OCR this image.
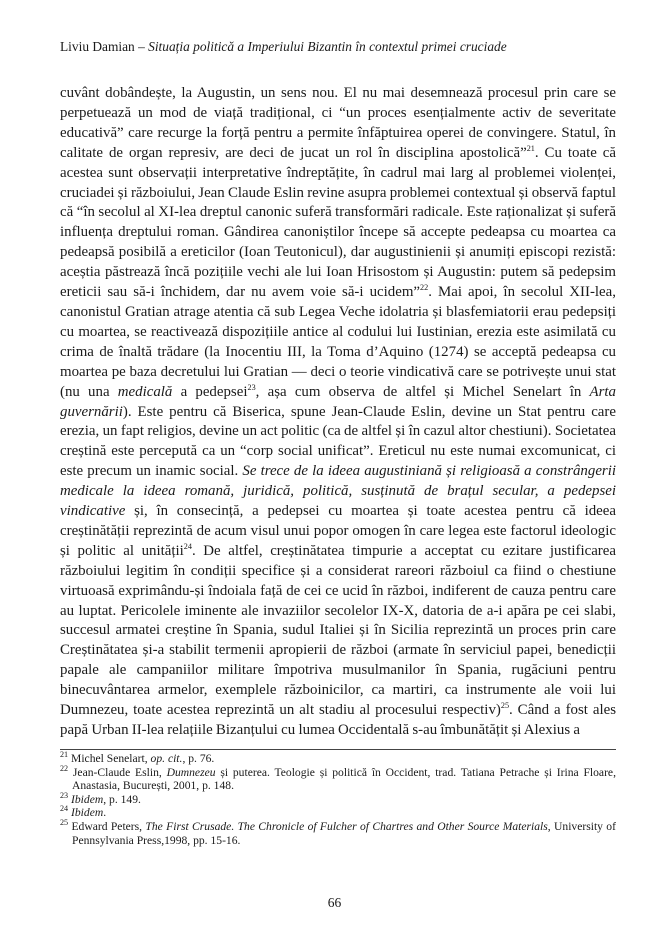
Liviu Damian – Situația politică a Imperiului Bizantin în contextul primei cruciade

cuvânt dobândește, la Augustin, un sens nou. El nu mai desemnează procesul prin care se perpetuează un mod de viață tradițional, ci “un proces esențialmente activ de severitate educativă” care recurge la forță pentru a permite înfăptuirea operei de convingere. Statul, în calitate de organ represiv, are deci de jucat un rol în disciplina apostolică”$^{21}$. Cu toate că acestea sunt observații interpretative îndreptățite, în cadrul mai larg al problemei violenței, cruciadei și războiului, Jean Claude Eslin revine asupra problemei contextual și observă faptul că “în secolul al XI-lea dreptul canonic suferă transformări radicale. Este raționalizat și suferă influența dreptului roman. Gândirea canoniștilor începe să accepte pedeapsa cu moartea ca pedeapsă posibilă a ereticilor (Ioan Teutonicul), dar augustinienii și anumiți episcopi rezistă: aceștia păstrează încă pozițiile vechi ale lui Ioan Hrisostom și Augustin: putem să pedepsim ereticii sau să-i închidem, dar nu avem voie să-i ucidem”$^{22}$. Mai apoi, în secolul XII-lea, canonistul Gratian atrage atentia că sub Legea Veche idolatria și blasfemiatorii erau pedepsiți cu moartea, se reactivează dispozițiile antice al codului lui Iustinian, erezia este asimilată cu crima de înaltă trădare (la Inocentiu III, la Toma d’Aquino (1274) se acceptă pedeapsa cu moartea pe baza decretului lui Gratian — deci o teorie vindicativă care se potrivește unui stat (nu una medicală a pedepsei$^{23}$, așa cum observa de altfel și Michel Senelart în Arta guvernării). Este pentru că Biserica, spune Jean-Claude Eslin, devine un Stat pentru care erezia, un fapt religios, devine un act politic (ca de altfel și în cazul altor chestiuni). Societatea creștină este percepută ca un “corp social unificat”. Ereticul nu este numai excomunicat, ci este precum un inamic social. Se trece de la ideea augustiniană și religioasă a constrângerii medicale la ideea romană, juridică, politică, susținută de brațul secular, a pedepsei vindicative și, în consecință, a pedepsei cu moartea și toate acestea pentru că ideea creștinătății reprezintă de acum visul unui popor omogen în care legea este factorul ideologic și politic al unității$^{24}$. De altfel, creștinătatea timpurie a acceptat cu ezitare justificarea războiului legitim în condiții specifice și a considerat rareori războiul ca fiind o chestiune virtuoasă exprimându-și îndoiala față de cei ce ucid în război, indiferent de cauza pentru care au luptat. Pericolele iminente ale invaziilor secolelor IX-X, datoria de a-i apăra pe cei slabi, succesul armatei creștine în Spania, sudul Italiei și în Sicilia reprezintă un proces prin care Creștinătatea și-a stabilit termenii apropierii de război (armate în serviciul papei, benedicții papale ale campaniilor militare împotriva musulmanilor în Spania, rugăciuni pentru binecuvântarea armelor, exemplele războinicilor, ca martiri, ca instrumente ale voii lui Dumnezeu, toate acestea reprezintă un alt stadiu al procesului respectiv)$^{25}$. Când a fost ales papă Urban II-lea relațiile Bizanțului cu lumea Occidentală s-au îmbunătățit și Alexius a

$^{21}$ Michel Senelart, op. cit., p. 76.
$^{22}$ Jean-Claude Eslin, Dumnezeu și puterea. Teologie și politică în Occident, trad. Tatiana Petrache și Irina Floare, Anastasia, București, 2001, p. 148.
$^{23}$ Ibidem, p. 149.
$^{24}$ Ibidem.
$^{25}$ Edward Peters, The First Crusade. The Chronicle of Fulcher of Chartres and Other Source Materials, University of Pennsylvania Press,1998, pp. 15-16.
66
